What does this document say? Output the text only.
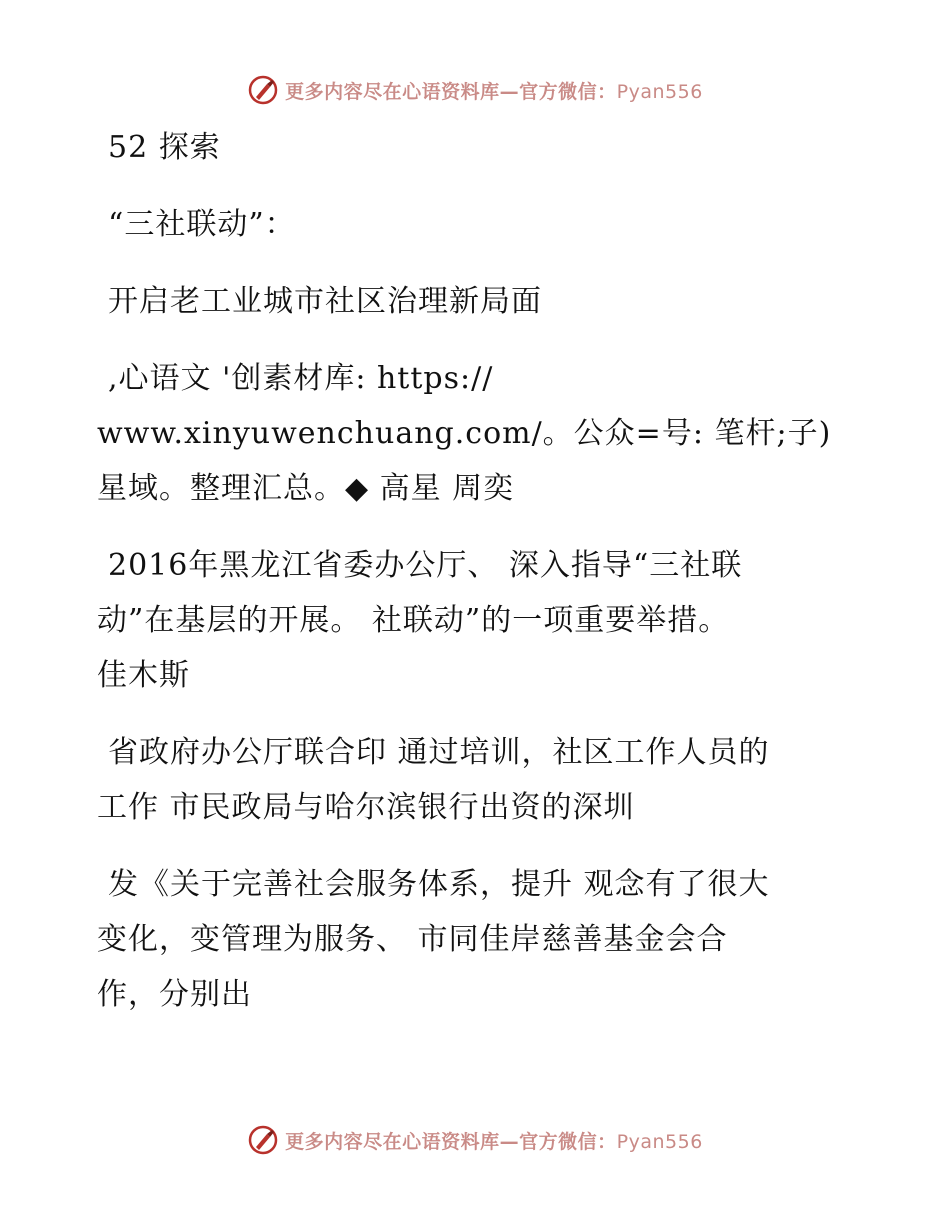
更多内容尽在心语资料库—官方微信：Pyan556
52 探索
“三社联动”：
开启老工业城市社区治理新局面
,心语文 '创素材库: https://
www.xinyuwenchuang.com/。公众=号: 笔杆;子)
星域。整理汇总。◆ 高星 周奕
2016年黑龙江省委办公厅、 深入指导“三社联
动”在基层的开展。 社联动”的一项重要举措。
佳木斯
省政府办公厅联合印 通过培训，社区工作人员的
工作 市民政局与哈尔滨银行出资的深圳
发《关于完善社会服务体系，提升 观念有了很大
变化，变管理为服务、 市同佳岸慈善基金会合
作，分别出
更多内容尽在心语资料库—官方微信：Pyan556
